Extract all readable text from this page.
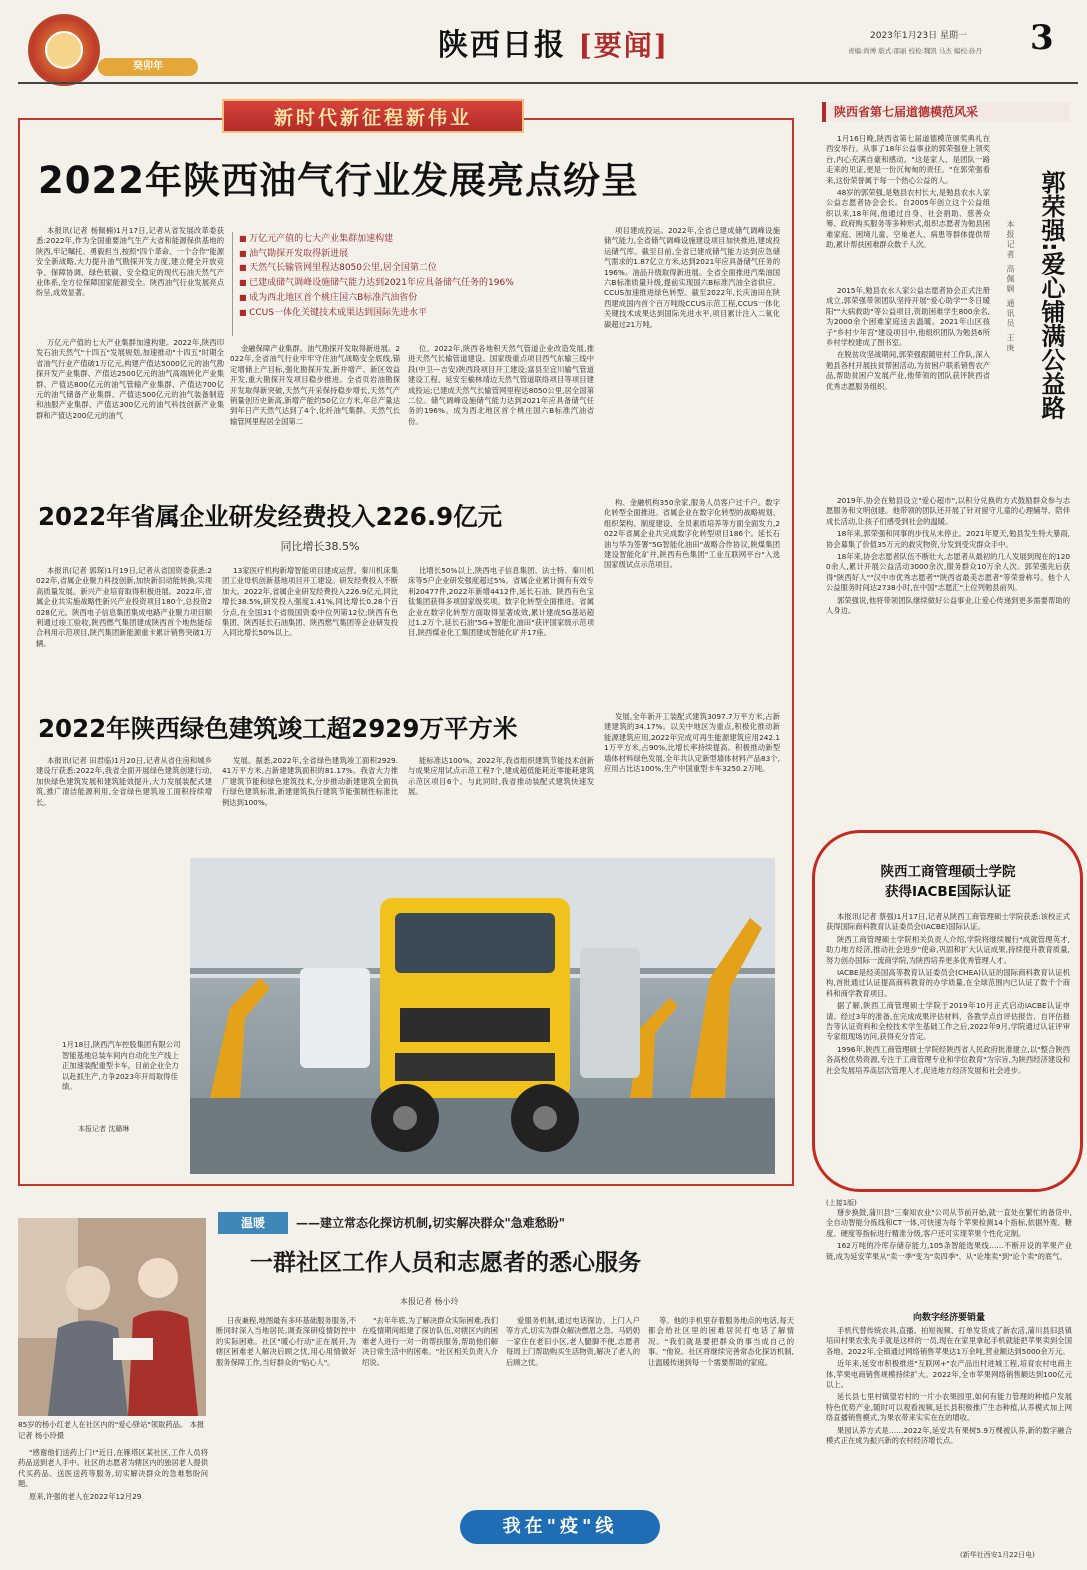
癸卯年
陕西日报 [要闻]	2023年1月23日 星期一
责编:尚博 版式:邵丽 校检:魏凯 马杰 编校:孙丹 3
新时代新征程新伟业
2022年陕西油气行业发展亮点纷呈

本报讯(记者 杨佩楠)1月17日,记者从省发展改革委获悉:2022年,作为全国重要油气生产大省和能源保供基地的陕西,牢记嘱托、勇毅担当,按照"四个革命、一个合作"能源安全新战略,大力提升油气勘探开发力度,建立健全开放竞争、保障协调、绿色低碳、安全稳定的现代石油天然气产业体系,全方位保障国家能源安全。陕西油气行业发展亮点纷呈,成效显著。

■ 万亿元产值的七大产业集群加速构建
■ 油气勘探开发取得新进展
■ 天然气长输管网里程达8050公里,居全国第二位
■ 已建成储气调峰设施储气能力达到2021年应具备储气任务的196%
■ 成为西北地区首个桃庄国六B标准汽油省份
■ CCUS一体化关键技术成果达到国际先进水平

万亿元产值的七大产业集群加速构建。2022年,陕西印发石油天然气"十四五"发展规划,加速推动"十四五"时期全省油气行业产值破1万亿元,构建产值达5000亿元的油气勘探开发产业集群、产值达2500亿元的油气高端转化产业集群、产值达800亿元的油气管输产业集群、产值达700亿元的油气储备产业集群、产值达500亿元的油气装备制造和油服产业集群、产值达300亿元的油气科技创新产业集群和产值达200亿元的油气

金融保障产业集群。油气勘探开发取得新进展。2022年,全省油气行业牢牢守住油气战略安全底线,锚定增储上产目标,强化勘探开发,新井增产、新区效益开发,重大勘探开发项目稳步推进。全省页岩油勘探开发取得新突破,天然气开采保持稳步增长,天然气产销量创历史新高,新增产能约50亿立方米,年总产量达到年日产天然气达到了4个,化纤油气集群。天然气长输管网里程居全国第二

位。2022年,陕西各地积天然气管道企业改造发展,推进天然气长输管道建设。国家级重点项目西气东输三线中段(中卫—吉安)陕西段项目开工建设;富县至宜川输气管道建设工程、延安至榆林靖边天然气管道联络项目等项目建成投运;已建成天然气长输管网里程达8050公里,居全国第二位。储气调峰设施储气能力达到2021年应具备储气任务的196%。成为西北地区首个桃庄国六B标准汽油省份。

项目建成投运。2022年,全省已建成储气调峰设施储气能力,全省储气调峰设施建设项目加快推进,建成投运储气库。截至目前,全省已建成储气能力达到应急储气需求的1.87亿立方米,达到2021年应具备储气任务的196%。油品升级取得新进展。全省全面推进汽柴油国六B标准质量升级,提前实现国六B标准汽油全省供应。CCUS加速推进绿色转型。截至2022年,长庆油田在陕西建成国内首个百万吨级CCUS示范工程,CCUS一体化关键技术成果达到国际先进水平,项目累计注入二氧化碳超过21万吨。

2022年省属企业研发经费投入226.9亿元
同比增长38.5%

本报讯(记者 郭琛)1月19日,记者从省国资委获悉:2022年,省属企业聚力科技创新,加快新旧动能转换,实现高质量发展。新兴产业培育取得积极进展。2022年,省属企业共实施战略性新兴产业投资项目180个,总投资2028亿元。陕西电子信息集团集成电路产业聚力项目顺利通过竣工验收,陕西燃气集团建成陕西首个地热能综合利用示范项目,陕汽集团新能源重卡累计销售突破1万辆。

13家医疗机构新增智能项目建成运营。秦川机床集团工业母机创新基地项目开工建设。研发经费投入不断加大。2022年,省属企业研发经费投入226.9亿元,同比增长38.5%,研发投入强度1.41%,同比增长0.28个百分点,在全国31个省级国资委中位列第12位;陕西有色集团、陕西延长石油集团、陕西燃气集团等企业研发投入同比增长50%以上。

比增长50%以上,陕西电子信息集团、法士特、秦川机床等5户企业研发强度超过5%。省属企业累计拥有有效专利20477件,2022年新增4412件,延长石油、陕西有色宝钛集团获得多项国家级奖项。数字化转型全面推进。省属企业在数字化转型方面取得显著成效,累计建成5G基站超过1.2万个,延长石油"5G+智能化油田"获评国家级示范项目,陕西煤业化工集团建成智能化矿井17座。

构、金融机构350余家,服务人员客户过千户。数字化转型全面推进。省属企业在数字化转型的战略规划、组织架构、制度建设、全员素质培养等方面全面发力,2022年省属企业共完成数字化转型项目186个。延长石油与华为签署"5G智能化油田"战略合作协议,陕煤集团建设智能化矿井,陕西有色集团"工业互联网平台"入选国家级试点示范项目。

2022年陕西绿色建筑竣工超2929万平方米

本报讯(记者 田君临)1月20日,记者从省住房和城乡建设厅获悉:2022年,我省全面开展绿色建筑创建行动,加快绿色建筑发展和建筑能效提升,大力发展装配式建筑,推广清洁能源利用,全省绿色建筑竣工面积持续增长。

发展。据悉,2022年,全省绿色建筑竣工面积2929.41万平方米,占新建建筑面积的81.17%。我省大力推广建筑节能和绿色建筑技术,分步推动新建建筑全面执行绿色建筑标准,新建建筑执行建筑节能强制性标准比例达到100%。

能标准达100%。2022年,我省组织建筑节能技术创新与成果应用试点示范工程7个,建成超低能耗近零能耗建筑示范区项目6个。与此同时,我省推动装配式建筑快速发展。

发展,全年新开工装配式建筑3097.7万平方米,占新建建筑的34.17%。以关中地区为重点,积极化推动新能源建筑应用,2022年完成可再生能源建筑应用242.11万平方米,占90%,比增长率持续提高。积极推动新型墙体材料绿色发展,全年共认定新型墙体材料产品83个,应用占比达100%,生产中国重型卡车3250.2万吨。

1月18日,陕西汽车控股集团有限公司智能基地总装车间内自动化生产线上正加速装配重型卡车。目前企业全力以赴抓生产,力争2023年开局取得佳绩。
本报记者 沈璐琳
陕西省第七届道德模范风采
郭荣强:爱心铺满公益路
本报记者 高佩娴 通讯员 王庚

1月16日晚,陕西省第七届道德模范颁奖典礼在西安举行。从事了18年公益事业的郭荣强登上领奖台,内心充满自豪和感动。"这是家人、是团队一路走来的见证,更是一份沉甸甸的责任。"在郭荣强看来,这份荣誉属于每一个热心公益的人。

48岁的郭荣强,是勉县农村长大,是勉县农水人家公益志愿者协会会长。自2005年创立这个公益组织以来,18年间,他通过自身、社会捐助、慈善众筹、政府购买服务等多种形式,组织志愿者为勉县困难家庭、困境儿童、空巢老人、病患等群体提供帮助,累计帮扶困难群众数千人次。

2015年,勉县农水人家公益志愿者协会正式注册成立,郭荣强带领团队坚持开展"爱心助学""冬日暖阳""大病救助"等公益项目,资助困难学生800余名,为2000余个困难家庭送去温暖。2021年山区孩子"乡村少年宫"建设项目中,他组织团队为勉县6所乡村学校建成了图书室。

在脱贫攻坚战期间,郭荣强跟随驻村工作队,深入勉县各村开展扶贫帮困活动,为贫困户联系销售农产品,帮助贫困户发展产业,他带领的团队获评陕西省优秀志愿服务组织。

2019年,协会在勉县设立"爱心超市",以积分兑换的方式鼓励群众参与志愿服务和文明创建。他带领的团队还开展了针对留守儿童的心理辅导、陪伴成长活动,让孩子们感受到社会的温暖。

18年来,郭荣强和同事的步伐从未停止。2021年夏天,勉县发生特大暴雨,协会募集了价值35万元的救灾物资,分发到受灾群众手中。

18年来,协会志愿者队伍不断壮大,志愿者从最初的几人发展到现在的1200余人,累计开展公益活动3000余次,服务群众10万余人次。郭荣强先后获得"陕西好人""汉中市优秀志愿者""陕西省最美志愿者"等荣誉称号。他个人公益服务时间达2738小时,在中国"志愿汇"上位列勉县前列。

郭荣强说,他将带领团队继续做好公益事业,让爱心传递到更多需要帮助的人身边。

陕西工商管理硕士学院
获得IACBE国际认证

本报讯(记者 蔡强)1月17日,记者从陕西工商管理硕士学院获悉:该校正式获得国际商科教育认证委员会(IACBE)国际认证。

陕西工商管理硕士学院相关负责人介绍,学院将继续履行"成就管理英才,助力地方经济,推动社会进步"使命,巩固和扩大认证成果,持续提升教育质量,努力创办国际一流商学院,为陕西培养更多优秀管理人才。

IACBE是经美国高等教育认证委员会(CHEA)认证的国际商科教育认证机构,首批通过认证提高商科教育的办学质量,在全球范围内已认证了数千个商科和商学教育项目。

据了解,陕西工商管理硕士学院于2019年10月正式启动IACBE认证申请。经过3年的准备,在完成成果评估材料、各教学点自评估报告、自评估报告等认证资料和全校技术学生基础工作之后,2022年9月,学院通过认证评审专家组现场访问,获得充分肯定。

1996年,陕西工商管理硕士学院经陕西省人民政府批准建立,以"整合陕西各高校优势资源,专注于工商管理专业和学位教育"为宗旨,为陕西经济建设和社会发展培养高层次管理人才,促进地方经济发展和社会进步。

(上接1版)

掰步换鼓,蒲川县"三秦知农业"公司从节前开始,就一直处在繁忙的备货中,全自动智能分拣线和CT一体,可快速为每个苹果检测14个指标,依据外观、糖度、硬度等指标进行精准分级,客户还可实现苹果个性化定制。

162万吨的冷库存储存能力,105条智能选果线……不断开设的苹果产业链,成为延安苹果从"卖一季"变为"卖四季"、从"论堆卖"到"论个卖"的底气。

向数字经济要销量

手机代替传统农具,直播、拍短视频、打单发货成了新农活,蒲川县旧县镇培田村果农张先手就是这样的一员,现在在家里拿起手机就能把苹果卖到全国各地。2022年,全镇通过网络销售苹果达1万余吨,营业额达到5000余万元。

近年来,延安市积极推进"互联网+"农产品出村进城工程,培育农村电商主体,苹果电商销售规模持续扩大。2022年,全市苹果网络销售额达到100亿元以上。

延长县七里村镇望岩村的一片小农果园里,如何有能力管理的种植户发展特色优势产业,随时可以观看视频,延长县积极推广生态种植,认养模式加上网络直播销售模式,为果农带来实实在在的增收。

果园认养方式是……2022年,延安共有果树5.9万棵被认养,新的数字融合模式正在成为振兴新的农村经济增长点。

(新华社西安1月22日电)
温暖	——建立常态化探访机制,切实解决群众"急难愁盼"
一群社区工作人员和志愿者的悉心服务
本报记者 杨小玲

日夜兼程,地图最有多环基础服务服务,不断同时深入当地居民,调查深研疫情防控中的实际困难。社区"暖心行动"正在展开,为辖区困难老人解决后顾之忧,用心用情做好服务保障工作,当好群众的"贴心人"。

"去年年底,为了解决群众实际困难,我们在疫情期间组建了探访队伍,对辖区内的困难老人进行一对一的帮扶服务,帮助他们解决日常生活中的困难。"社区相关负责人介绍说。

爱服务机制,通过电话探访、上门入户等方式,切实为群众解决燃眉之急。马奶奶一家住在老旧小区,老人腿脚不便,志愿者每周上门帮助购买生活物资,解决了老人的后顾之忧。

等。他的手机里存着服务地点的电话,每天都会给社区里的困难居民打电话了解情况。"我们就是要把群众的事当成自己的事。"他说。社区将继续完善常态化探访机制,让温暖传递到每一个需要帮助的家庭。

85岁的杨小红老人在社区内的"爱心驿站"领取药品。 本报记者 杨小玲摄

"感谢他们送药上门!"近日,在雁塔区某社区,工作人员将药品送到老人手中。社区的志愿者为辖区内的独居老人提供代买药品、送医送药等服务,切实解决群众的急难愁盼问题。

原来,许强的老人在2022年12月29

我在"疫"线
